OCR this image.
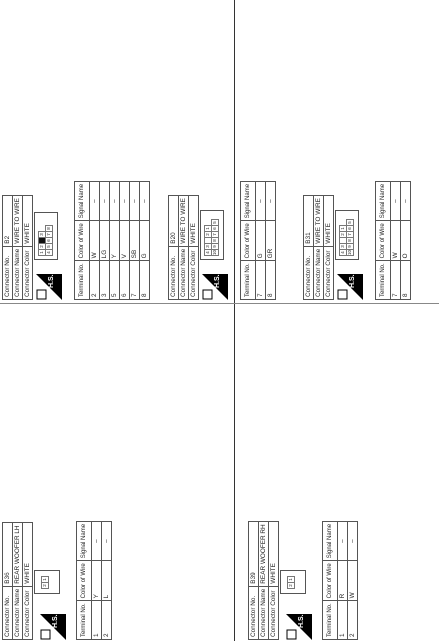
Connector No.	B2
Connector Name	WIRE TO WIRE
Connector Color	WHITE
H.S.
1	2		3	
4	5	6	7	8
Terminal No.	Color of Wire	Signal Name
2	W	–
3	LG	–
5	Y	–
6	V	–
7	SB	–
8	G	–
Connector No.	B20
Connector Name	WIRE TO WIRE
Connector Color	WHITE
H.S.
4	3		2	1	
10	9	8	7	6	5
Terminal No.	Color of Wire	Signal Name
7	G	–
8	GR	–
Connector No.	B31
Connector Name	WIRE TO WIRE
Connector Color	WHITE
H.S.
4	3		2	1	
10	9	8	7	6	5
Terminal No.	Color of Wire	Signal Name
7	W	–
8	O	–
Connector No.	B36
Connector Name	REAR WOOFER LH
Connector Color	WHITE
H.S.
2	1
Terminal No.	Color of Wire	Signal Name
1	Y	–
2	L	–
Connector No.	B39
Connector Name	REAR WOOFER RH
Connector Color	WHITE
H.S.
2	1
Terminal No.	Color of Wire	Signal Name
1	R	–
2	W	–
